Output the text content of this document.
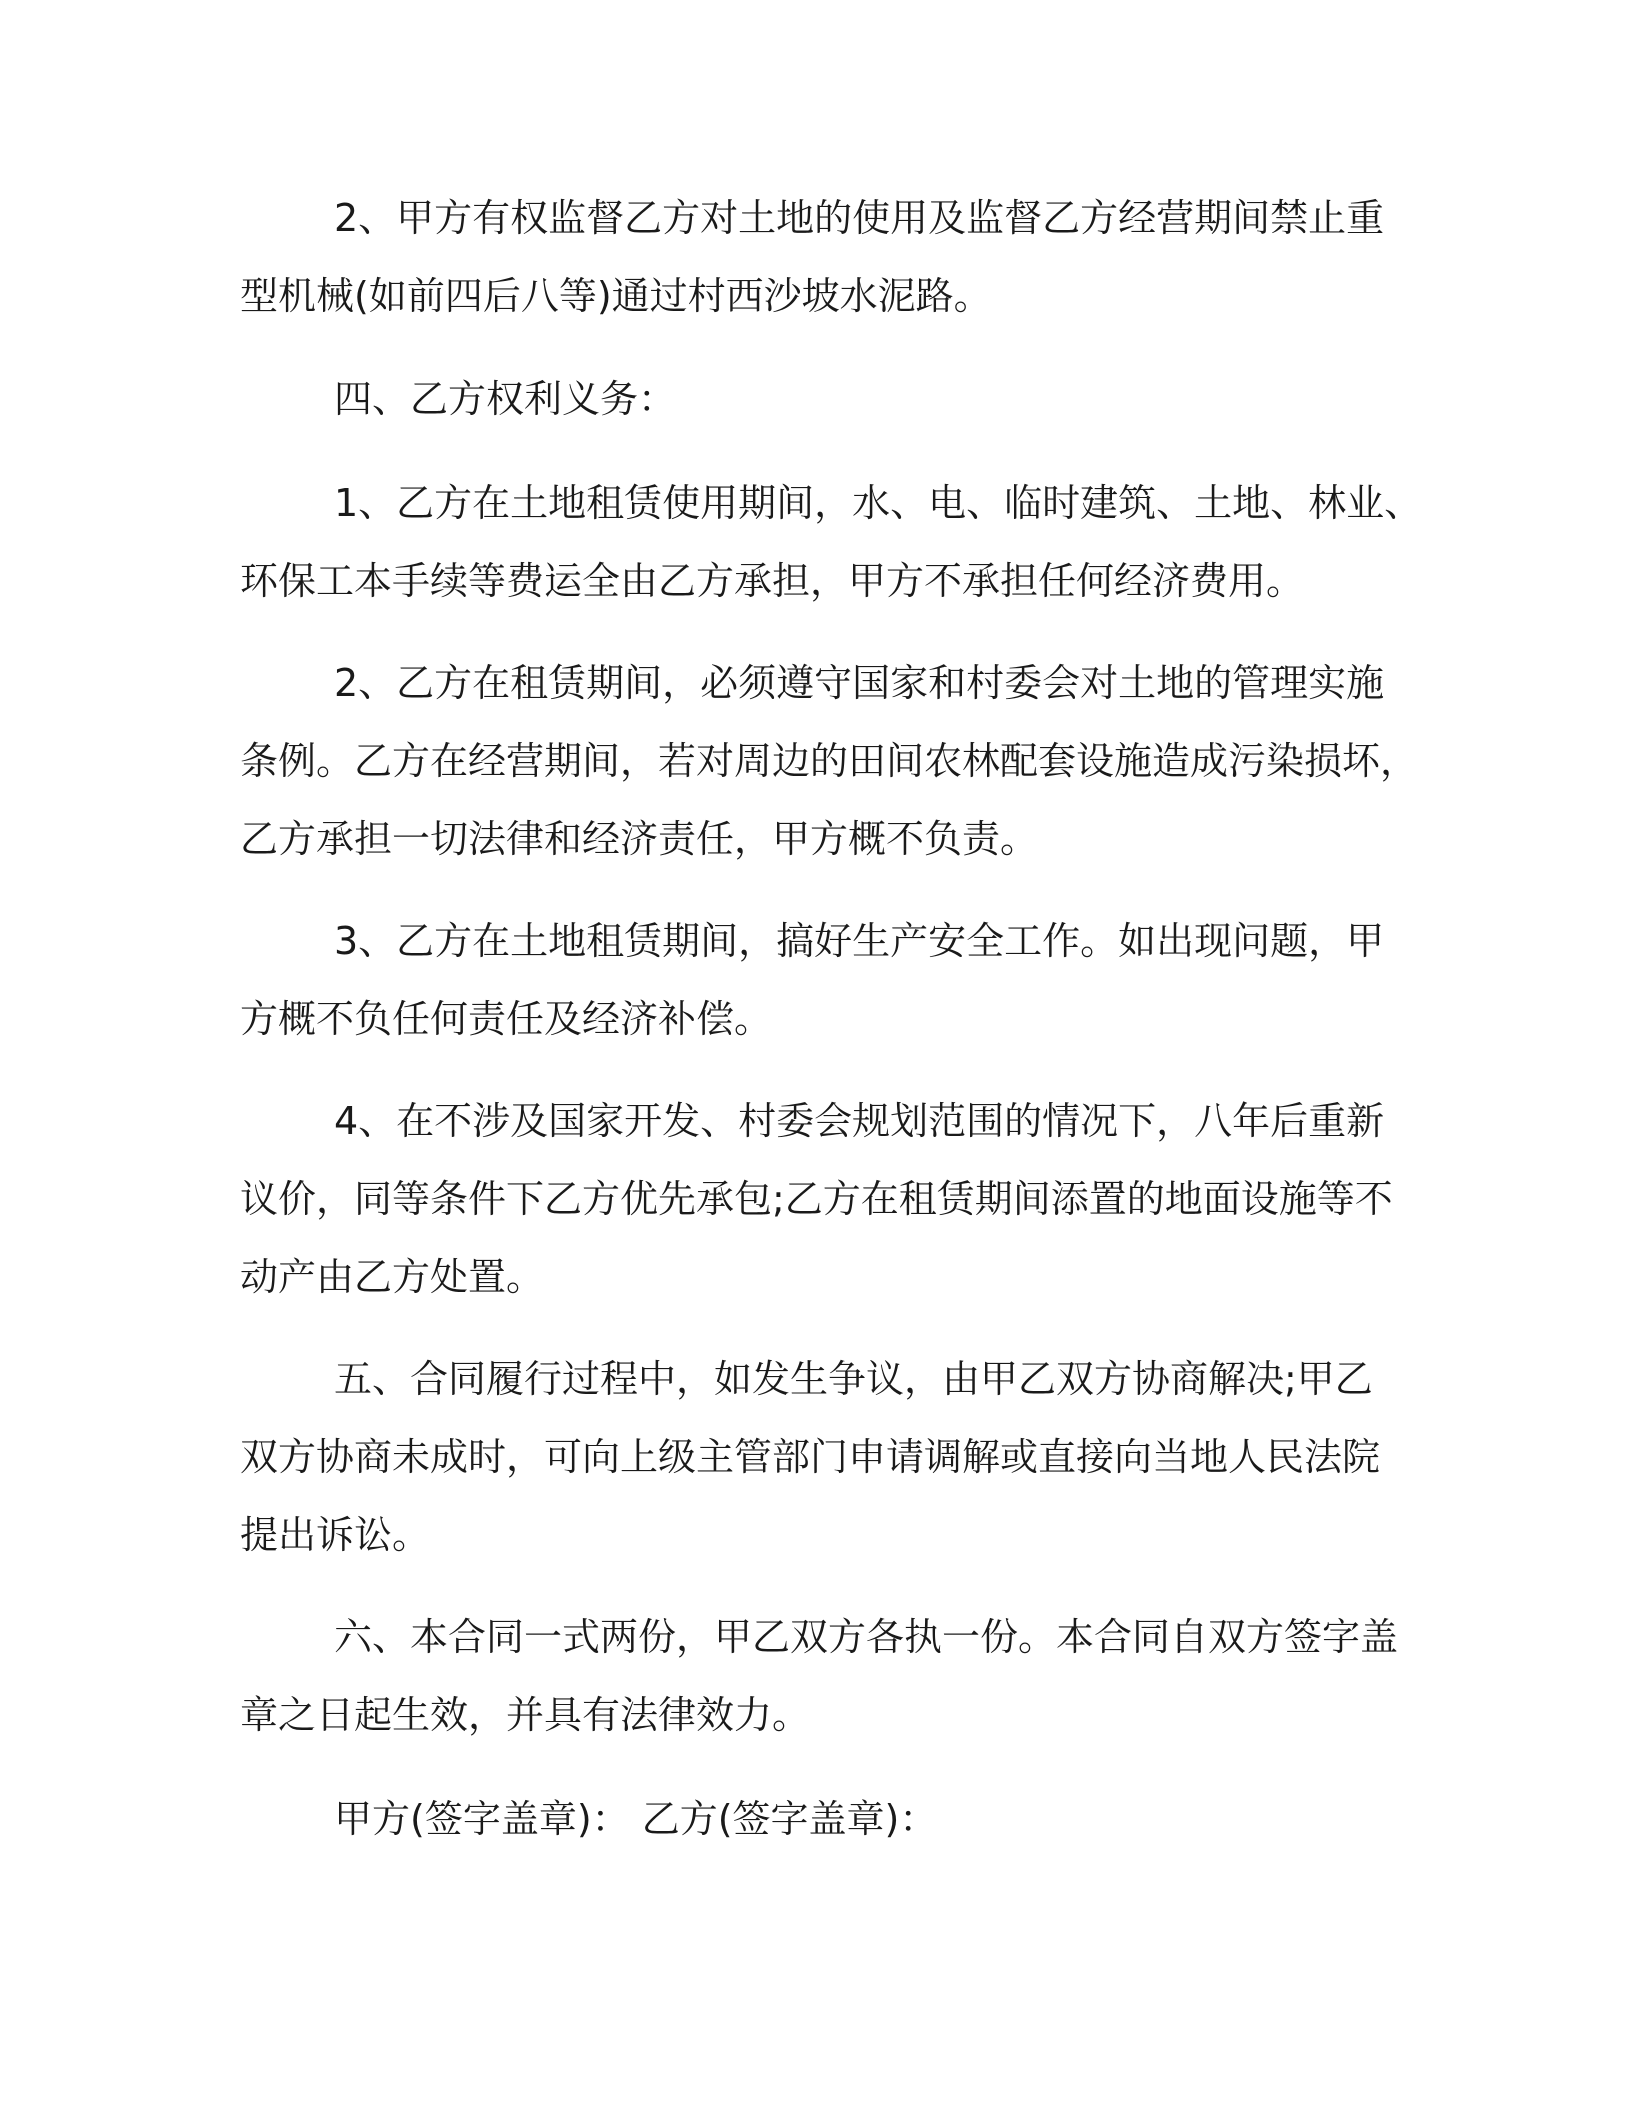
2、甲方有权监督乙方对土地的使用及监督乙方经营期间禁止重
型机械(如前四后八等)通过村西沙坡水泥路。
四、乙方权利义务：
1、乙方在土地租赁使用期间，水、电、临时建筑、土地、林业、
环保工本手续等费运全由乙方承担，甲方不承担任何经济费用。
2、乙方在租赁期间，必须遵守国家和村委会对土地的管理实施
条例。乙方在经营期间，若对周边的田间农林配套设施造成污染损坏，
乙方承担一切法律和经济责任，甲方概不负责。
3、乙方在土地租赁期间，搞好生产安全工作。如出现问题，甲
方概不负任何责任及经济补偿。
4、在不涉及国家开发、村委会规划范围的情况下，八年后重新
议价，同等条件下乙方优先承包;乙方在租赁期间添置的地面设施等不
动产由乙方处置。
五、合同履行过程中，如发生争议，由甲乙双方协商解决;甲乙
双方协商未成时，可向上级主管部门申请调解或直接向当地人民法院
提出诉讼。
六、本合同一式两份，甲乙双方各执一份。本合同自双方签字盖
章之日起生效，并具有法律效力。
甲方(签字盖章)： 乙方(签字盖章)：
